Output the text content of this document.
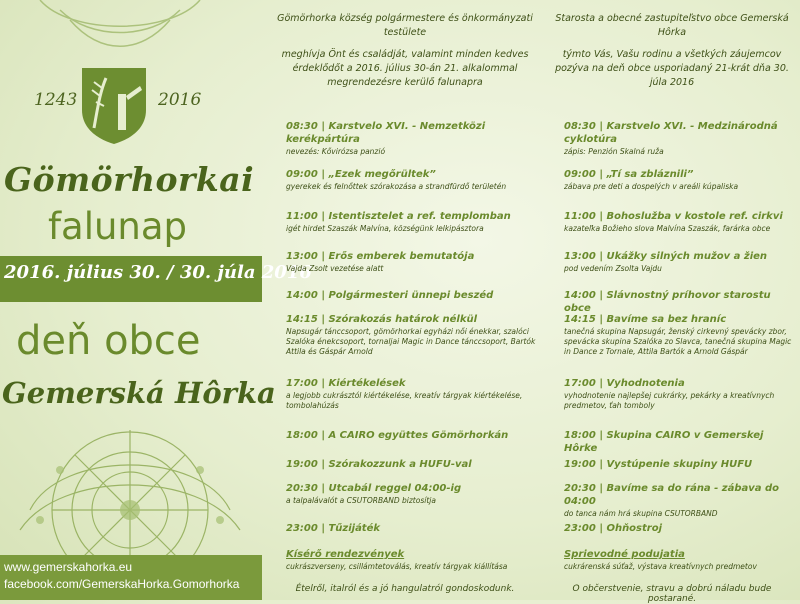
1243	2016
Gömörhorkai
falunap
2016. július 30. / 30. júla 2016
deň obce
Gemerská Hôrka
www.gemerskahorka.eu
facebook.com/GemerskaHorka.Gomorhorka

Gömörhorka község polgármestere és önkormányzati testülete

meghívja Önt és családját, valamint minden kedves érdeklődőt a 2016. július 30-án 21. alkalommal megrendezésre kerülő falunapra

08:30 | Karstvelo XVI. - Nemzetközi kerékpártúra
nevezés: Kővirózsa panzió
09:00 | „Ezek megőrültek”
gyerekek és felnőttek szórakozása a strandfürdő területén
11:00 | Istentisztelet a ref. templomban
igét hirdet Szaszák Malvína, községünk lelkipásztora
13:00 | Erős emberek bemutatója
Vajda Zsolt vezetése alatt
14:00 | Polgármesteri ünnepi beszéd
14:15 | Szórakozás határok nélkül
Napsugár tánccsoport, gömörhorkai egyházi női énekkar, szalóci Szalóka énekcsoport, tornaljai Magic in Dance tánccsoport, Bartók Attila és Gáspár Arnold
17:00 | Kiértékelések
a legjobb cukrásztól kiértékelése, kreatív tárgyak kiértékelése, tombolahúzás
18:00 | A CAIRO együttes Gömörhorkán
19:00 | Szórakozzunk a HUFU-val
20:30 | Utcabál reggel 04:00-ig
a talpalávalót a CSUTORBAND biztosítja
23:00 | Tűzijáték
Kísérő rendezvények
cukrászverseny, csillámtetoválás, kreatív tárgyak kiállítása
Ételről, italról és a jó hangulatról gondoskodunk.

Starosta a obecné zastupiteľstvo obce Gemerská Hôrka

týmto Vás, Vašu rodinu a všetkých záujemcov pozýva na deň obce usporiadaný 21-krát dňa 30. júla 2016

08:30 | Karstvelo XVI. - Medzinárodná cyklotúra
zápis: Penzión Skalná ruža
09:00 | „Tí sa zbláznili”
zábava pre deti a dospelých v areáli kúpaliska
11:00 | Bohoslužba v kostole ref. cirkvi
kazateľka Božieho slova Malvína Szaszák, farárka obce
13:00 | Ukážky silných mužov a žien
pod vedením Zsolta Vajdu
14:00 | Slávnostný príhovor starostu obce
14:15 | Bavíme sa bez hraníc
tanečná skupina Napsugár, ženský cirkevný spevácky zbor, spevácka skupina Szalóka zo Slavca, tanečná skupina Magic in Dance z Tornale, Attila Bartók a Arnold Gáspár
17:00 | Vyhodnotenia
vyhodnotenie najlepšej cukrárky, pekárky a kreatívnych predmetov, ťah tomboly
18:00 | Skupina CAIRO v Gemerskej Hôrke
19:00 | Vystúpenie skupiny HUFU
20:30 | Bavíme sa do rána - zábava do 04:00
do tanca nám hrá skupina CSUTORBAND
23:00 | Ohňostroj
Sprievodné podujatia
cukrárenská súťaž, výstava kreatívnych predmetov
O občerstvenie, stravu a dobrú náladu bude postarané.
